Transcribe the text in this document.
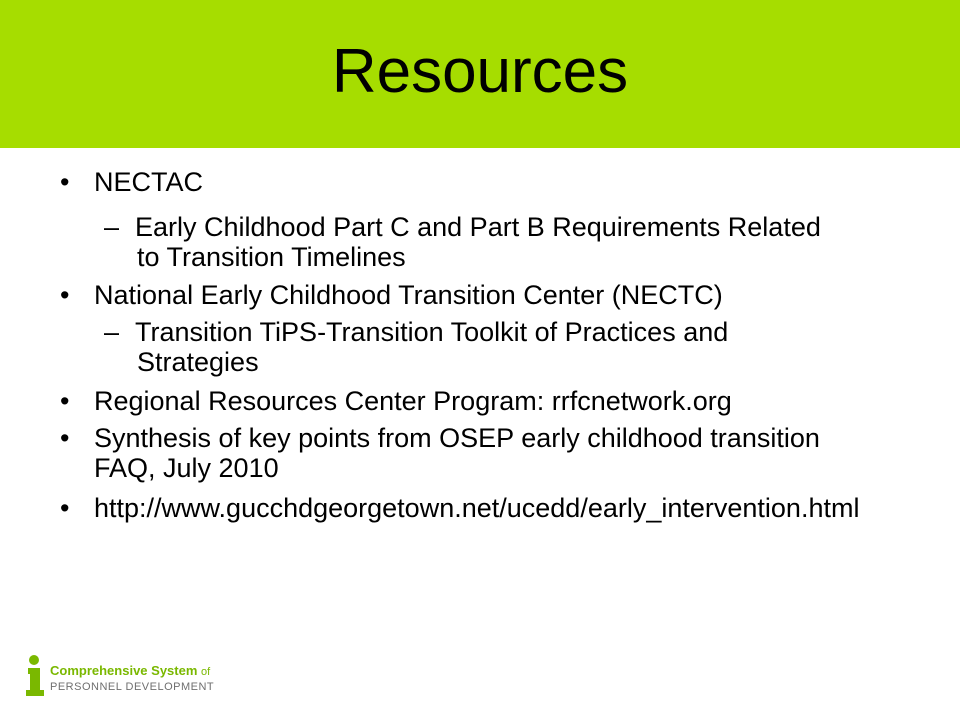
Resources
• NECTAC
– Early Childhood Part C and Part B Requirements Related to Transition Timelines
• National Early Childhood Transition Center (NECTC)
– Transition TiPS-Transition Toolkit of Practices and Strategies
• Regional Resources Center Program: rrfcnetwork.org
• Synthesis of key points from OSEP early childhood transition FAQ, July 2010
• http://www.gucchdgeorgetown.net/ucedd/early_intervention.html
Comprehensive System of
PERSONNEL DEVELOPMENT
